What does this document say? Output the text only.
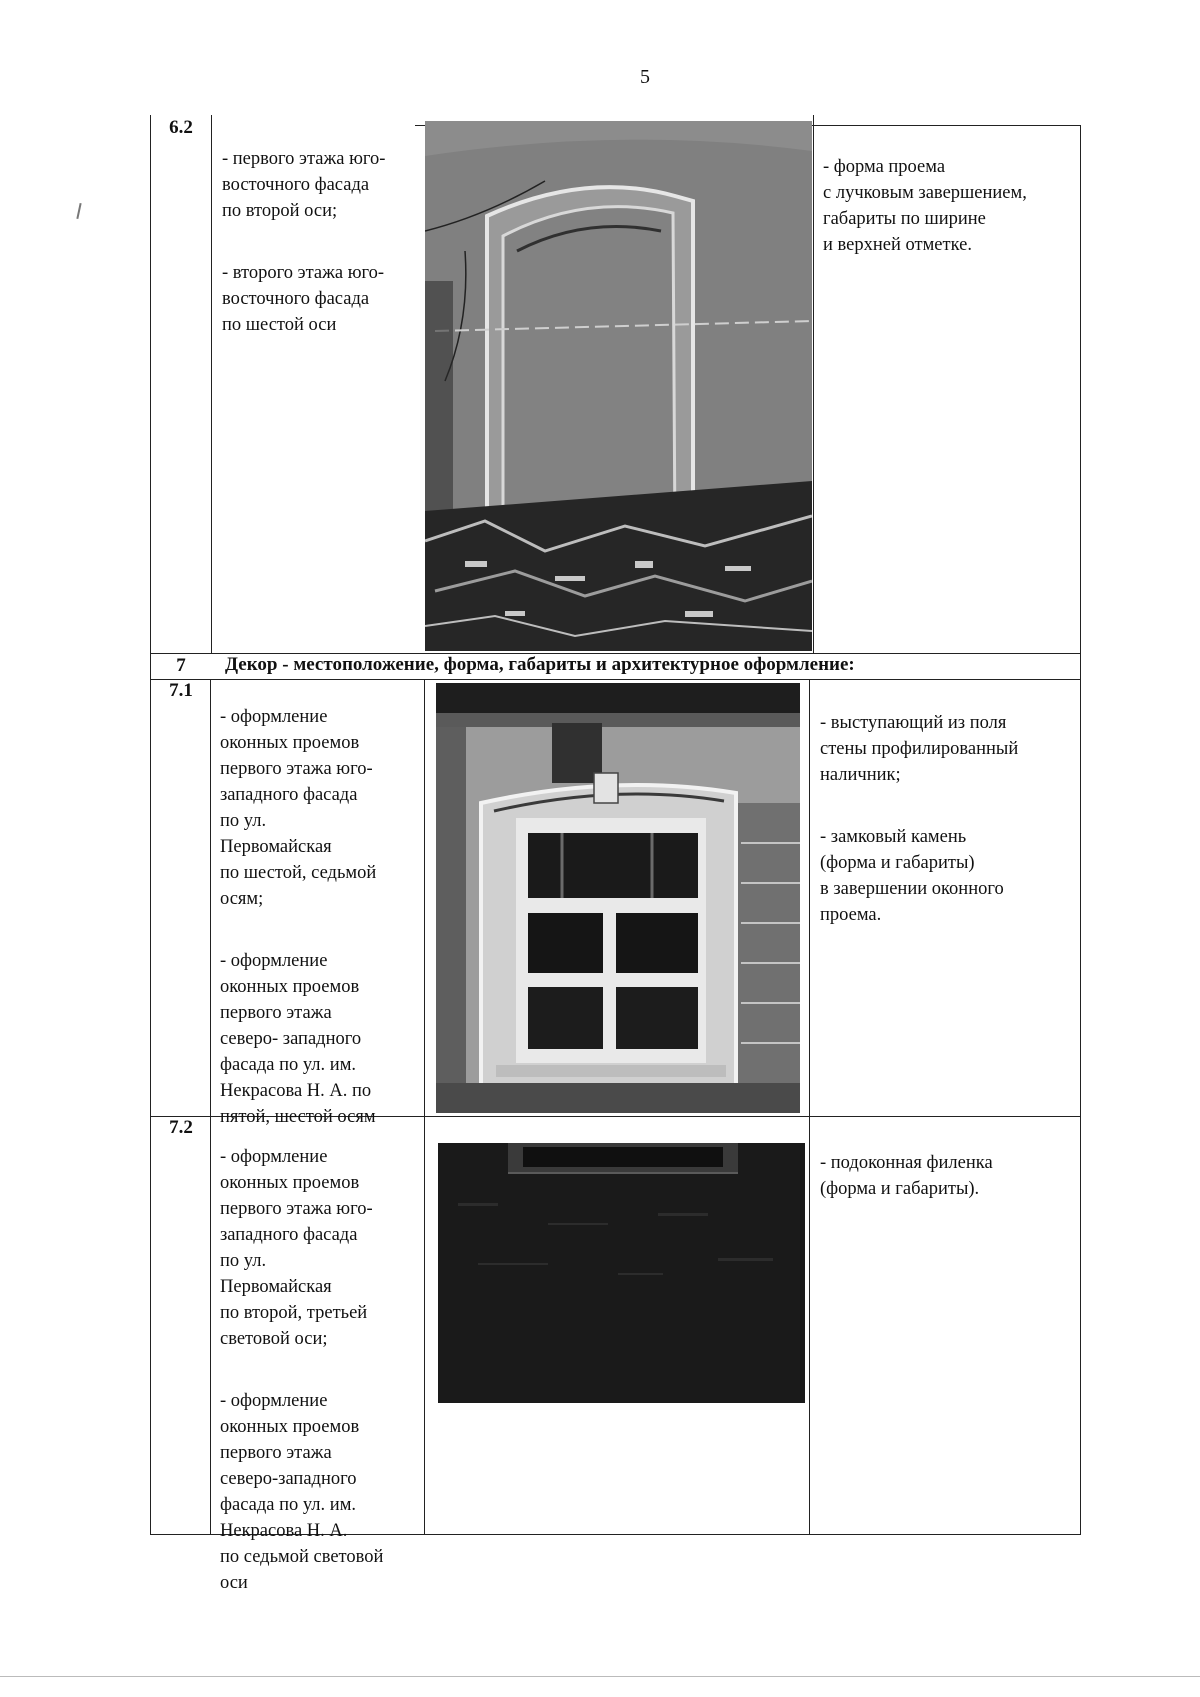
5
6.2

- первого этажа юго-
восточного фасада
по второй оси;

- второго этажа юго-
восточного фасада
по шестой оси

- форма проема
с лучковым завершением,
габариты по ширине
и верхней отметке.

7	Декор - местоположение, форма, габариты и архитектурное оформление:
7.1

- оформление
оконных проемов
первого этажа юго-
западного фасада
по ул.
Первомайская
по шестой, седьмой
осям;

- оформление
оконных проемов
первого этажа
северо- западного
фасада по ул. им.
Некрасова Н. А. по
пятой, шестой осям

- выступающий из поля
стены профилированный
наличник;

- замковый камень
(форма и габариты)
в завершении оконного
проема.

7.2

- оформление
оконных проемов
первого этажа юго-
западного фасада
по ул.
Первомайская
по второй, третьей
световой оси;

- оформление
оконных проемов
первого этажа
северо-западного
фасада по ул. им.
Некрасова Н. А.
по седьмой световой
оси

- подоконная филенка
(форма и габариты).
